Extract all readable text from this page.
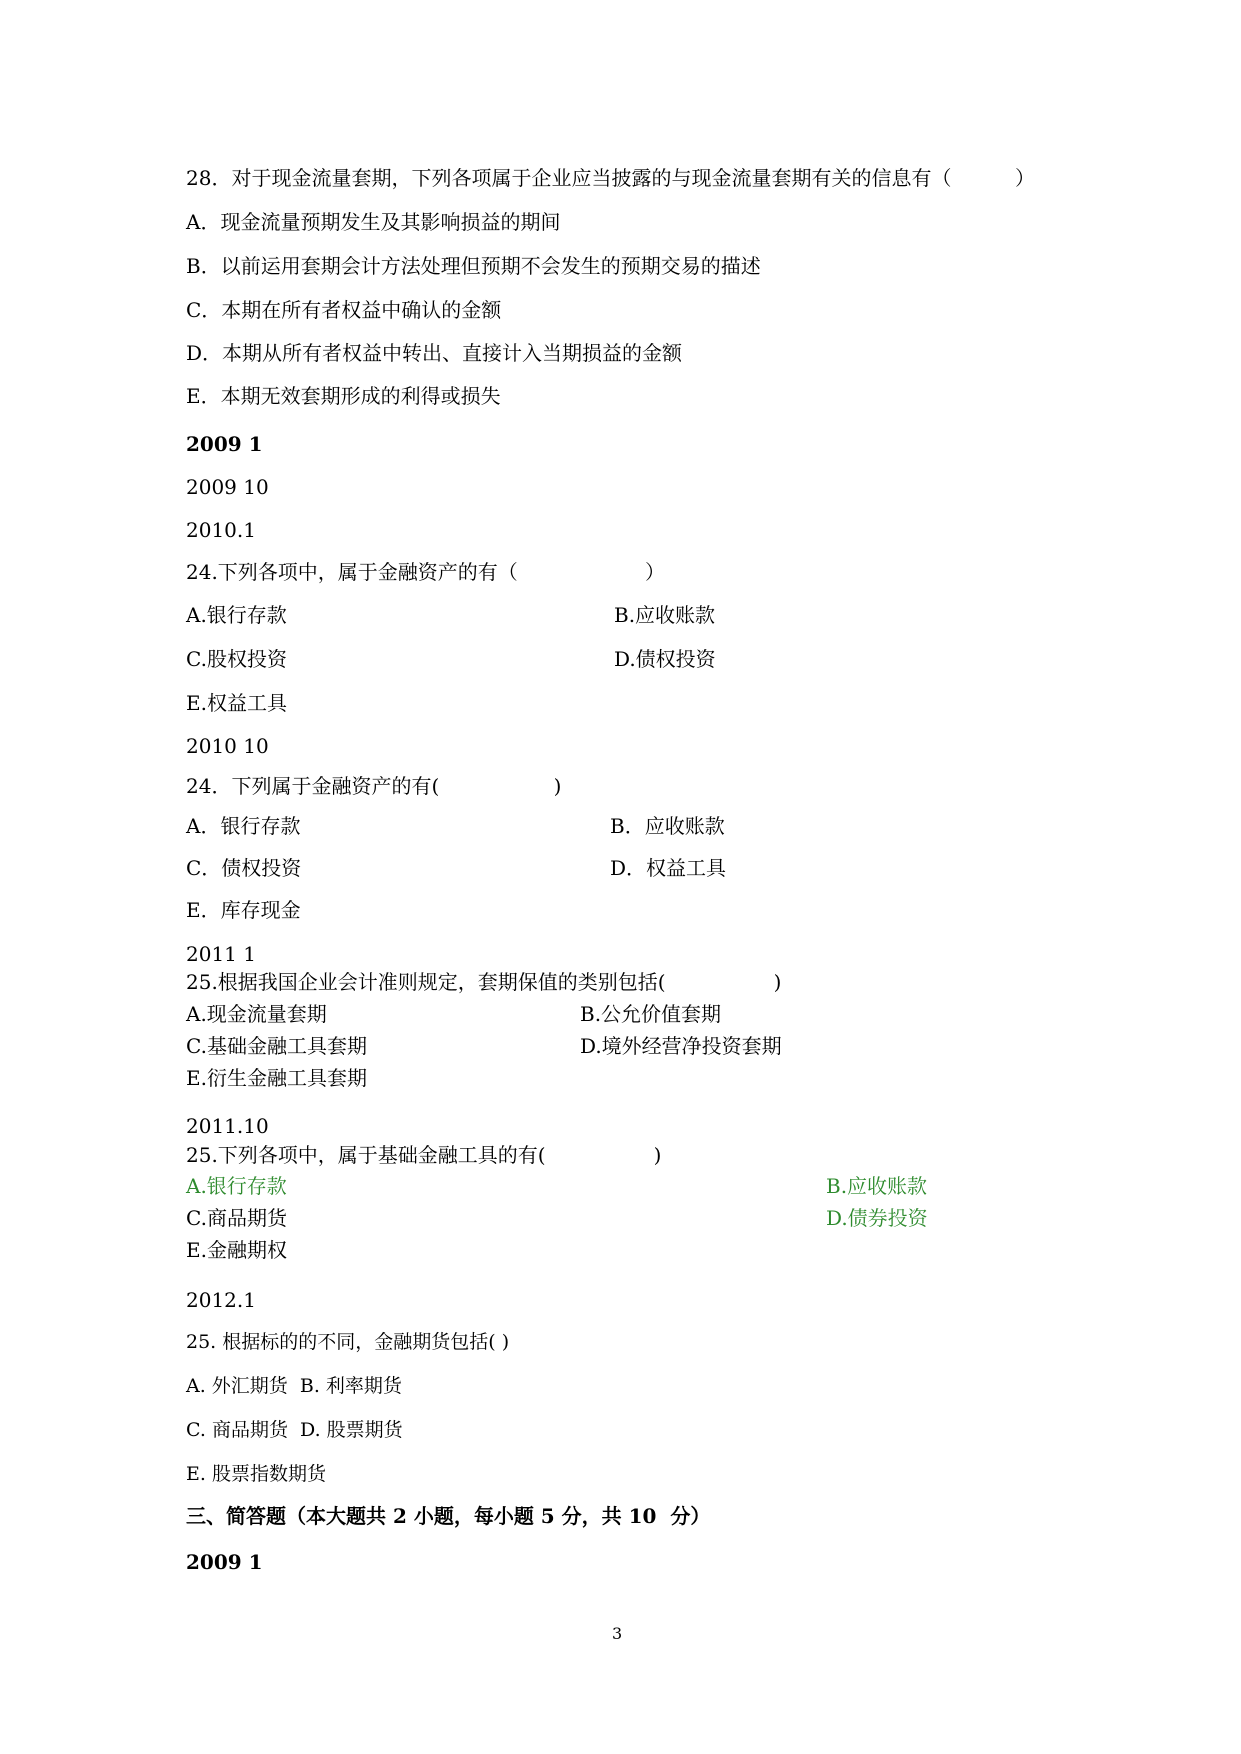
28．对于现金流量套期，下列各项属于企业应当披露的与现金流量套期有关的信息有（          ）
A．现金流量预期发生及其影响损益的期间
B．以前运用套期会计方法处理但预期不会发生的预期交易的描述
C．本期在所有者权益中确认的金额
D．本期从所有者权益中转出、直接计入当期损益的金额
E．本期无效套期形成的利得或损失
2009 1
2009 10
2010.1
24.下列各项中，属于金融资产的有（                    ）
A.银行存款	B.应收账款
C.股权投资	D.债权投资
E.权益工具
2010 10
24．下列属于金融资产的有(                  )
A．银行存款	B．应收账款
C．债权投资	D．权益工具
E．库存现金
2011 1
25.根据我国企业会计准则规定，套期保值的类别包括(                 )
A.现金流量套期	B.公允价值套期
C.基础金融工具套期	D.境外经营净投资套期
E.衍生金融工具套期
2011.10
25.下列各项中，属于基础金融工具的有(                 )
A.银行存款	B.应收账款
C.商品期货	D.债券投资
E.金融期权
2012.1
25. 根据标的的不同，金融期货包括( )
A. 外汇期货  B. 利率期货
C. 商品期货  D. 股票期货
E. 股票指数期货
三、简答题（本大题共 2 小题，每小题 5 分，共 10  分）
2009 1
3
